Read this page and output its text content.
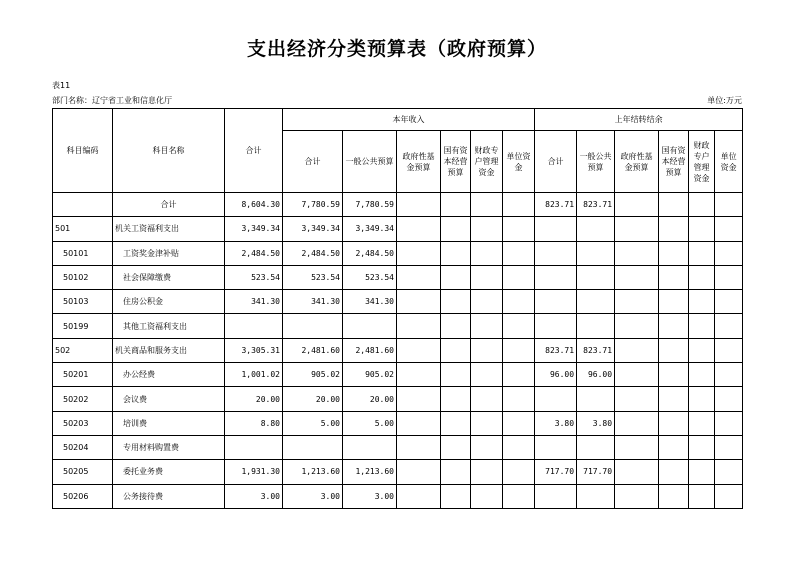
支出经济分类预算表（政府预算）
表11
部门名称：辽宁省工业和信息化厅	单位:万元
科目编码	科目名称	合计	本年收入						上年结转结余					
			合计	一般公共预算	政府性基金预算	国有资本经营预算	财政专户管理资金	单位资金	合计	一般公共预算	政府性基金预算	国有资本经营预算	财政专户管理资金	单位资金
	合计	8,604.30	7,780.59	7,780.59					823.71	823.71				
501	机关工资福利支出	3,349.34	3,349.34	3,349.34										
50101	工资奖金津补贴	2,484.50	2,484.50	2,484.50										
50102	社会保障缴费	523.54	523.54	523.54										
50103	住房公积金	341.30	341.30	341.30										
50199	其他工资福利支出													
502	机关商品和服务支出	3,305.31	2,481.60	2,481.60					823.71	823.71				
50201	办公经费	1,001.02	905.02	905.02					96.00	96.00				
50202	会议费	20.00	20.00	20.00										
50203	培训费	8.80	5.00	5.00					3.80	3.80				
50204	专用材料购置费													
50205	委托业务费	1,931.30	1,213.60	1,213.60					717.70	717.70				
50206	公务接待费	3.00	3.00	3.00										
